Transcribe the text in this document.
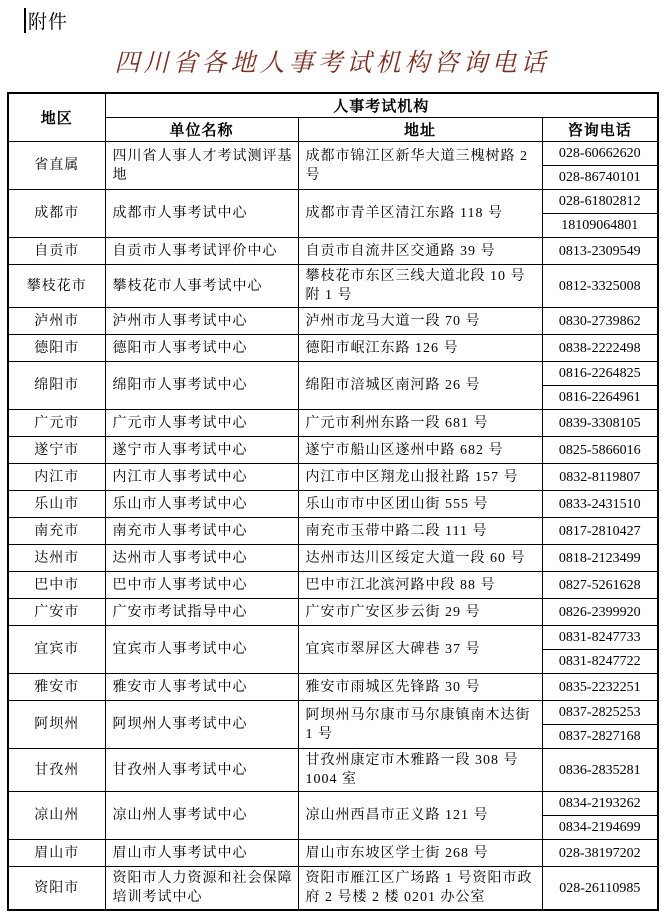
附件
四川省各地人事考试机构咨询电话
地区	人事考试机构		
	单位名称	地址	咨询电话
省直属	四川省人事人才考试测评基地	成都市锦江区新华大道三槐树路 2 号	028-60662620
028-86740101

成都市	成都市人事考试中心	成都市青羊区清江东路 118 号	028-61802812
18109064801

自贡市	自贡市人事考试评价中心	自贡市自流井区交通路 39 号	0813-2309549

攀枝花市	攀枝花市人事考试中心	攀枝花市东区三线大道北段 10 号附 1 号	0812-3325008

泸州市	泸州市人事考试中心	泸州市龙马大道一段 70 号	0830-2739862

德阳市	德阳市人事考试中心	德阳市岷江东路 126 号	0838-2222498

绵阳市	绵阳市人事考试中心	绵阳市涪城区南河路 26 号	0816-2264825
0816-2264961

广元市	广元市人事考试中心	广元市利州东路一段 681 号	0839-3308105

遂宁市	遂宁市人事考试中心	遂宁市船山区遂州中路 682 号	0825-5866016

内江市	内江市人事考试中心	内江市中区翔龙山报社路 157 号	0832-8119807

乐山市	乐山市人事考试中心	乐山市市中区团山街 555 号	0833-2431510

南充市	南充市人事考试中心	南充市玉带中路二段 111 号	0817-2810427

达州市	达州市人事考试中心	达州市达川区绥定大道一段 60 号	0818-2123499

巴中市	巴中市人事考试中心	巴中市江北滨河路中段 88 号	0827-5261628

广安市	广安市考试指导中心	广安市广安区步云街 29 号	0826-2399920

宜宾市	宜宾市人事考试中心	宜宾市翠屏区大碑巷 37 号	0831-8247733
0831-8247722

雅安市	雅安市人事考试中心	雅安市雨城区先锋路 30 号	0835-2232251

阿坝州	阿坝州人事考试中心	阿坝州马尔康市马尔康镇南木达街 1 号	0837-2825253
0837-2827168

甘孜州	甘孜州人事考试中心	甘孜州康定市木雅路一段 308 号 1004 室	0836-2835281

凉山州	凉山州人事考试中心	凉山州西昌市正义路 121 号	0834-2193262
0834-2194699

眉山市	眉山市人事考试中心	眉山市东坡区学士街 268 号	028-38197202

资阳市	资阳市人力资源和社会保障培训考试中心	资阳市雁江区广场路 1 号资阳市政府 2 号楼 2 楼 0201 办公室	028-26110985
